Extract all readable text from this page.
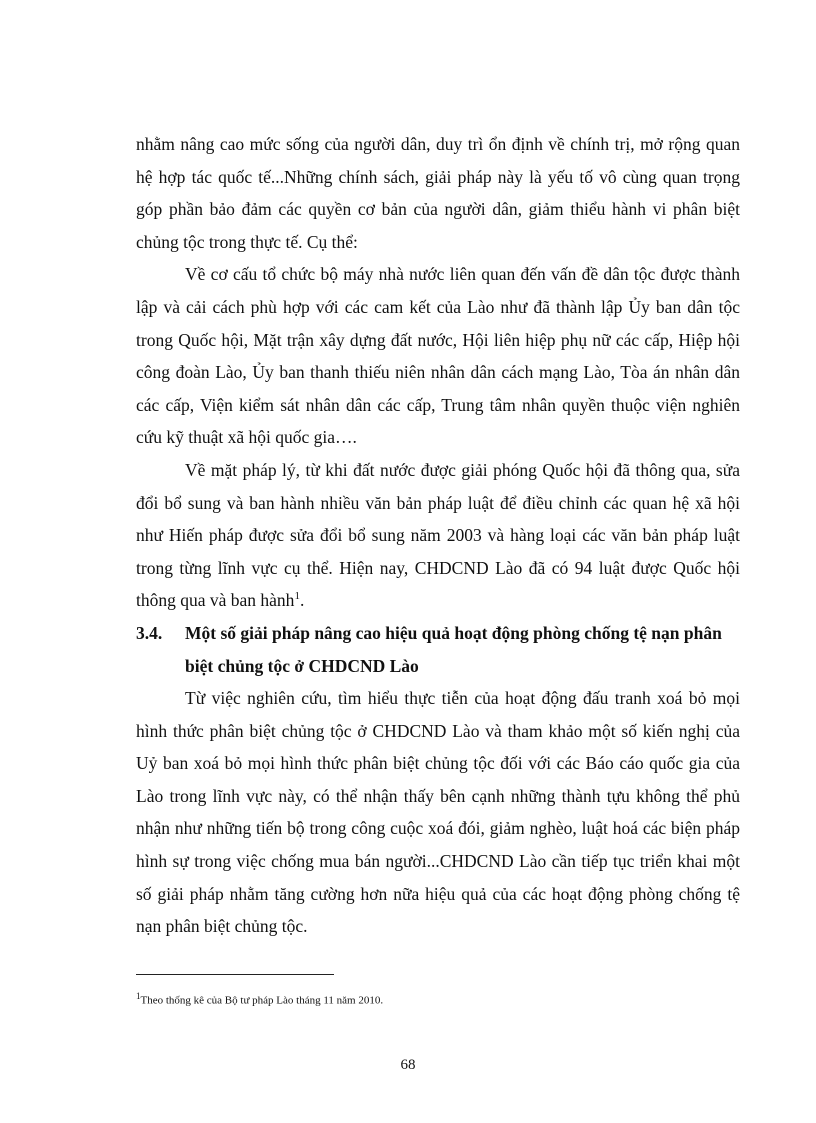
nhằm nâng cao mức sống của người dân, duy trì ổn định về chính trị, mở rộng quan hệ hợp tác quốc tế...Những chính sách, giải pháp này là yếu tố vô cùng quan trọng góp phần bảo đảm các quyền cơ bản của người dân, giảm thiểu hành vi phân biệt chủng tộc trong thực tế. Cụ thể:

Về cơ cấu tổ chức bộ máy nhà nước liên quan đến vấn đề dân tộc được thành lập và cải cách phù hợp với các cam kết của Lào như đã thành lập Ủy ban dân tộc trong Quốc hội, Mặt trận xây dựng đất nước, Hội liên hiệp phụ nữ các cấp, Hiệp hội công đoàn Lào, Ủy ban thanh thiếu niên nhân dân cách mạng Lào, Tòa án nhân dân các cấp, Viện kiểm sát nhân dân các cấp, Trung tâm nhân quyền thuộc viện nghiên cứu kỹ thuật xã hội quốc gia….

Về mặt pháp lý, từ khi đất nước được giải phóng Quốc hội đã thông qua, sửa đổi bổ sung và ban hành nhiều văn bản pháp luật để điều chỉnh các quan hệ xã hội như Hiến pháp được sửa đổi bổ sung năm 2003 và hàng loại các văn bản pháp luật trong từng lĩnh vực cụ thể. Hiện nay, CHDCND Lào đã có 94 luật được Quốc hội thông qua và ban hành$^1$.

3.4.	Một số giải pháp nâng cao hiệu quả hoạt động phòng chống tệ nạn phân biệt chủng tộc ở CHDCND Lào

Từ việc nghiên cứu, tìm hiểu thực tiễn của hoạt động đấu tranh xoá bỏ mọi hình thức phân biệt chủng tộc ở CHDCND Lào và tham khảo một số kiến nghị của Uỷ ban xoá bỏ mọi hình thức phân biệt chủng tộc đối với các Báo cáo quốc gia của Lào trong lĩnh vực này, có thể nhận thấy bên cạnh những thành tựu không thể phủ nhận như những tiến bộ trong công cuộc xoá đói, giảm nghèo, luật hoá các biện pháp hình sự trong việc chống mua bán người...CHDCND Lào cần tiếp tục triển khai một số giải pháp nhằm tăng cường hơn nữa hiệu quả của các hoạt động phòng chống tệ nạn phân biệt chủng tộc.

$^1$Theo thống kê của Bộ tư pháp Lào tháng 11 năm 2010.
68
